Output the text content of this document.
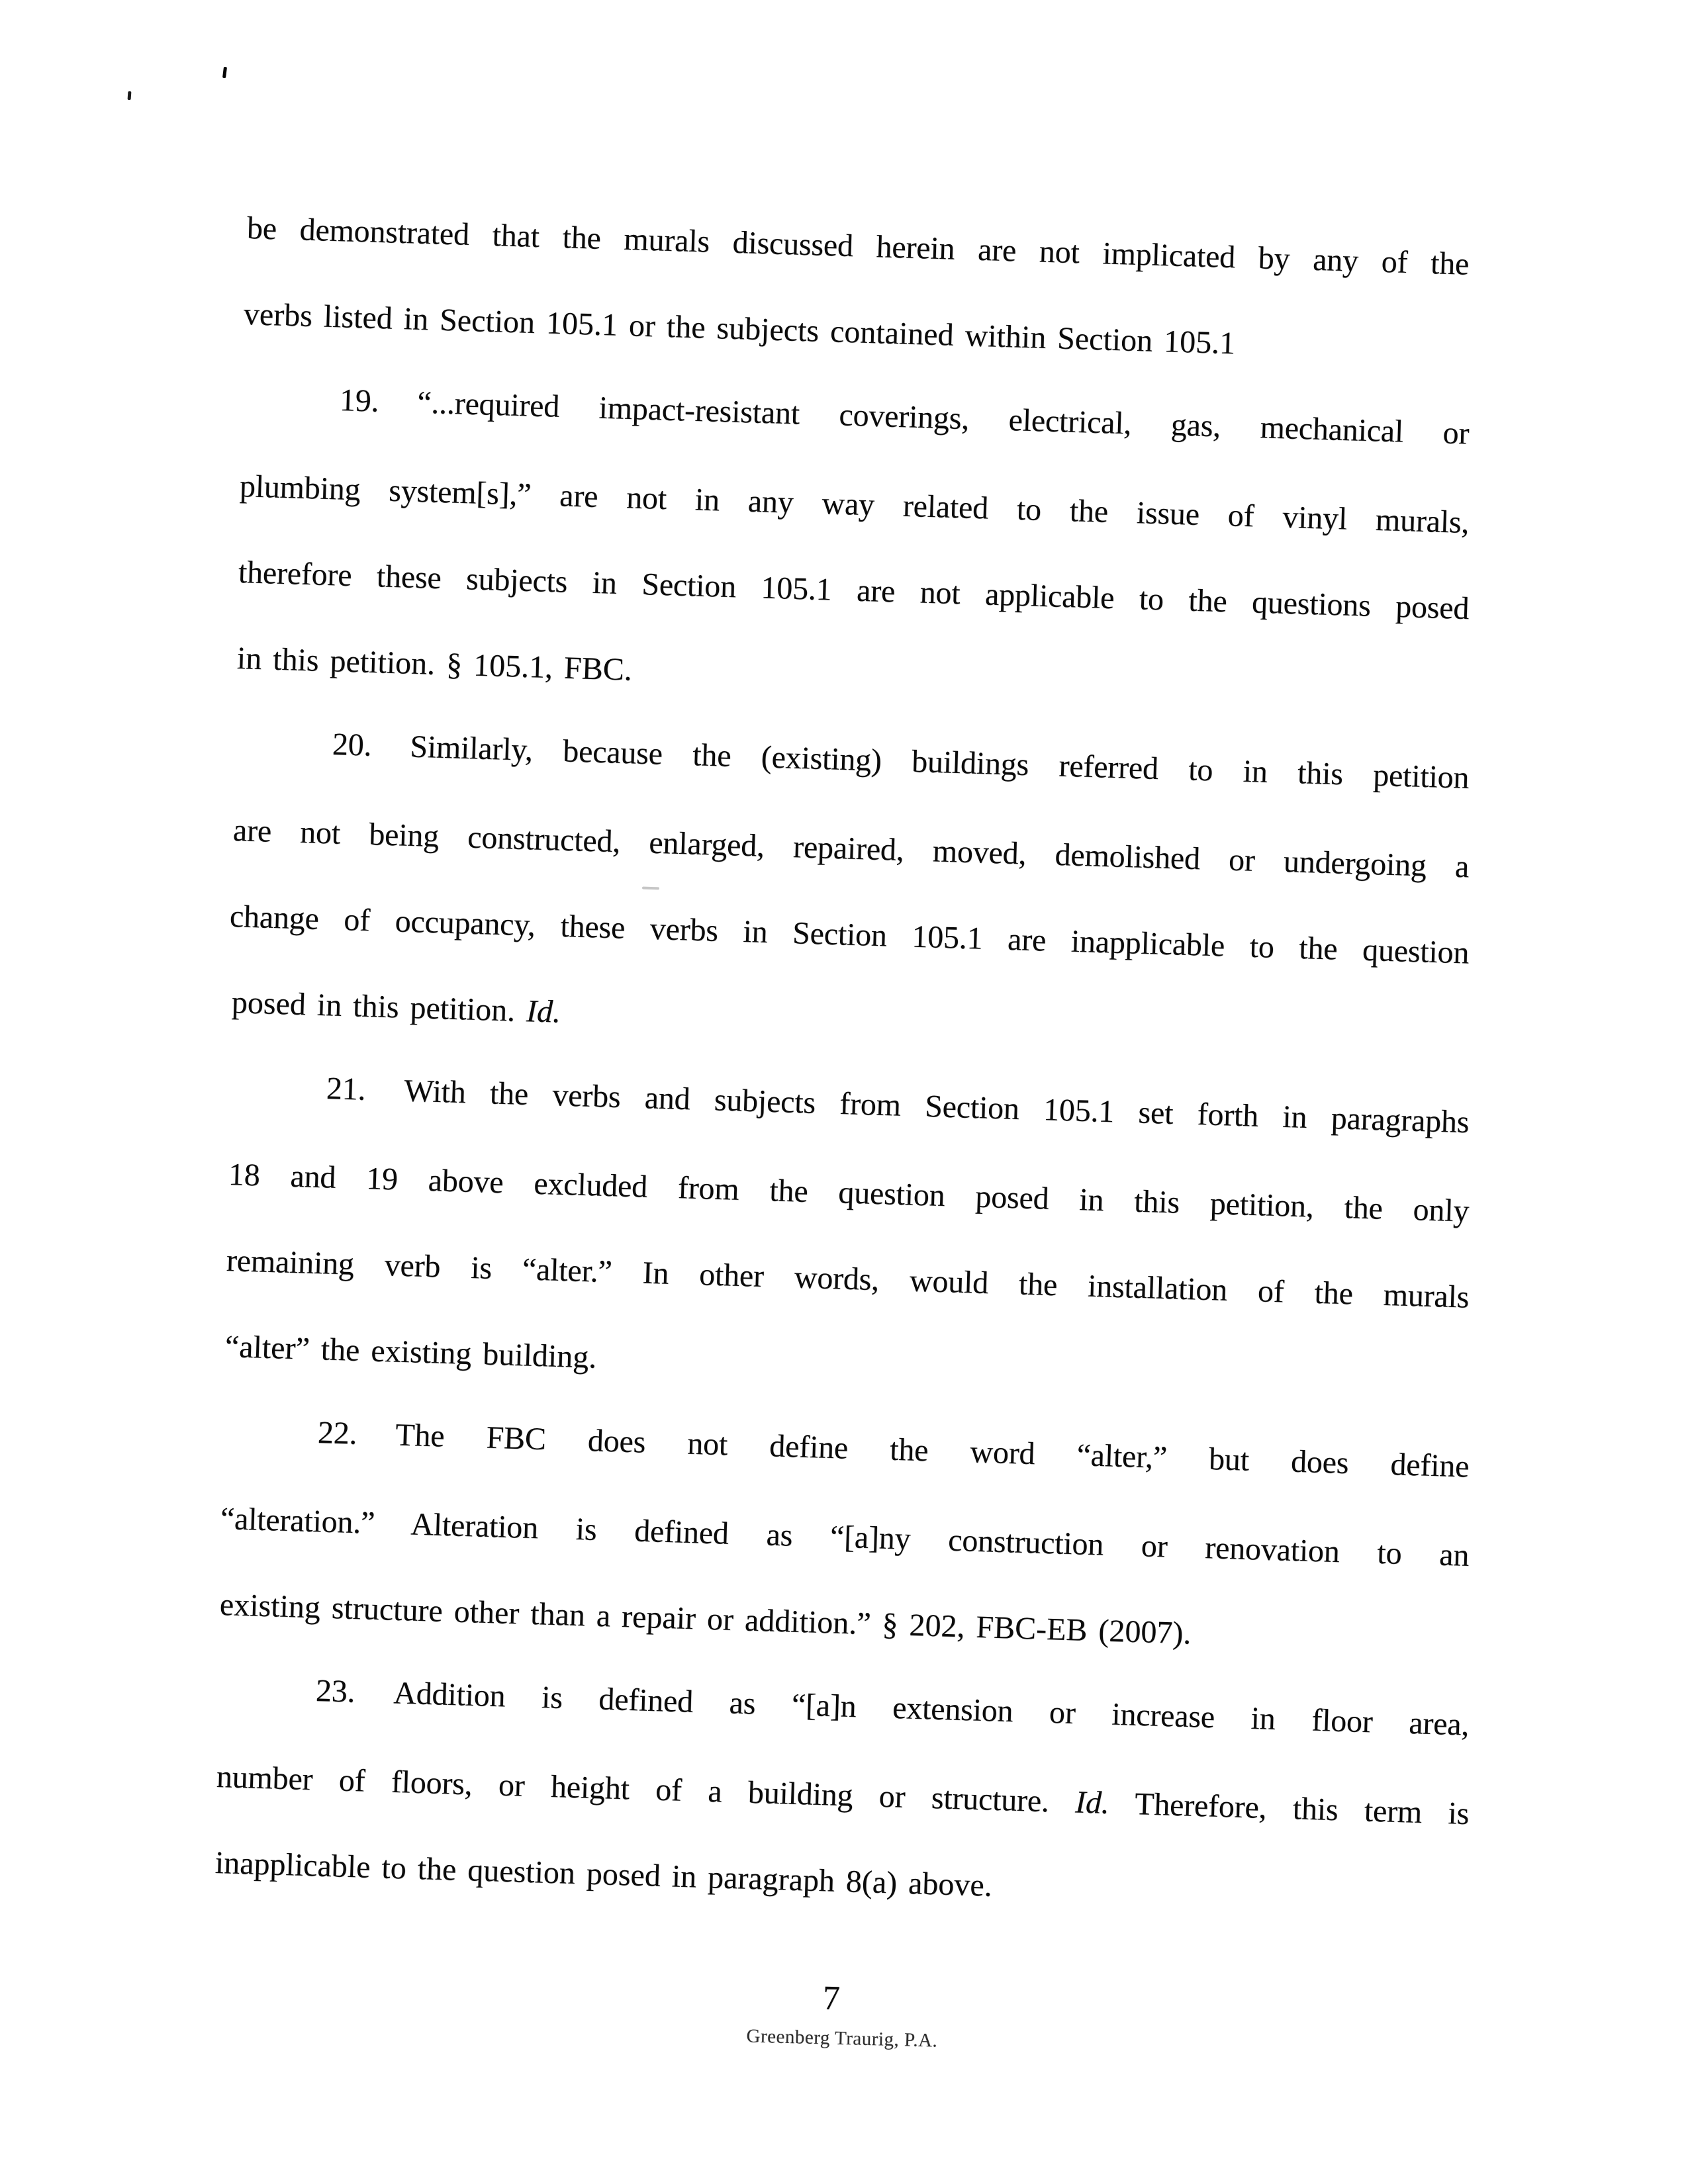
be demonstrated that the murals discussed herein are not implicated by any of the
verbs listed in Section 105.1 or the subjects contained within Section 105.1
19. “...required impact-resistant coverings, electrical, gas, mechanical or
plumbing system[s],” are not in any way related to the issue of vinyl murals,
therefore these subjects in Section 105.1 are not applicable to the questions posed
in this petition. § 105.1, FBC.
20. Similarly, because the (existing) buildings referred to in this petition
are not being constructed, enlarged, repaired, moved, demolished or undergoing a
change of occupancy, these verbs in Section 105.1 are inapplicable to the question
posed in this petition. Id.
21. With the verbs and subjects from Section 105.1 set forth in paragraphs
18 and 19 above excluded from the question posed in this petition, the only
remaining verb is “alter.” In other words, would the installation of the murals
“alter” the existing building.
22. The FBC does not define the word “alter,” but does define
“alteration.” Alteration is defined as “[a]ny construction or renovation to an
existing structure other than a repair or addition.” § 202, FBC-EB (2007).
23. Addition is defined as “[a]n extension or increase in floor area,
number of floors, or height of a building or structure. Id. Therefore, this term is
inapplicable to the question posed in paragraph 8(a) above.
7
Greenberg Traurig, P.A.
